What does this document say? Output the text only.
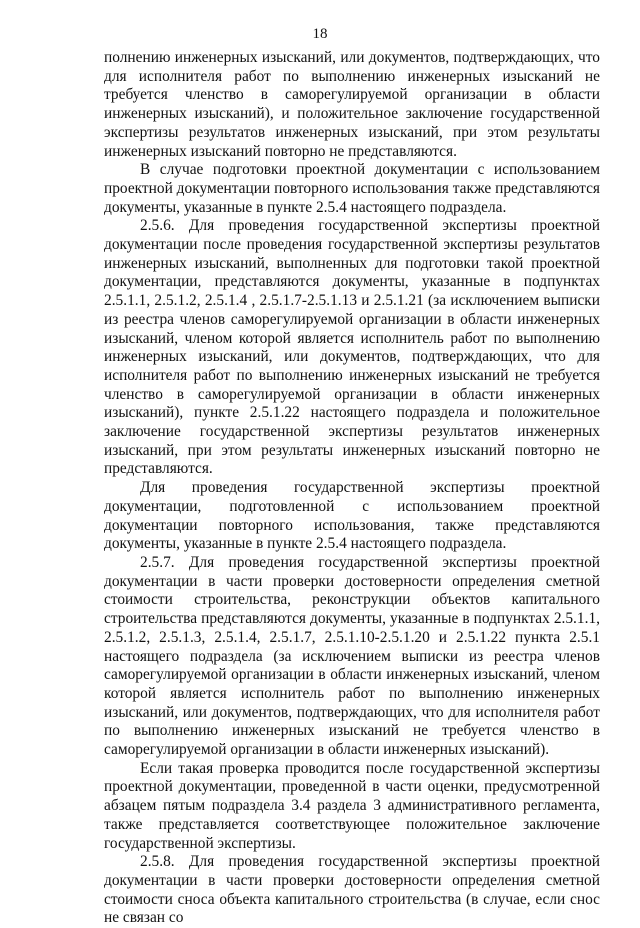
18

полнению инженерных изысканий, или документов, подтверждающих, что для исполнителя работ по выполнению инженерных изысканий не требуется членство в саморегулируемой организации в области инженерных изысканий), и положительное заключение государственной экспертизы результатов инженерных изысканий, при этом результаты инженерных изысканий повторно не представляются.

В случае подготовки проектной документации с использованием проектной документации повторного использования также представляются документы, указанные в пункте 2.5.4 настоящего подраздела.

2.5.6. Для проведения государственной экспертизы проектной документации после проведения государственной экспертизы результатов инженерных изысканий, выполненных для подготовки такой проектной документации, представляются документы, указанные в подпунктах 2.5.1.1, 2.5.1.2, 2.5.1.4 , 2.5.1.7-2.5.1.13 и 2.5.1.21 (за исключением выписки из реестра членов саморегулируемой организации в области инженерных изысканий, членом которой является исполнитель работ по выполнению инженерных изысканий, или документов, подтверждающих, что для исполнителя работ по выполнению инженерных изысканий не требуется членство в саморегулируемой организации в области инженерных изысканий), пункте 2.5.1.22 настоящего подраздела и положительное заключение государственной экспертизы результатов инженерных изысканий, при этом результаты инженерных изысканий повторно не представляются.

Для проведения государственной экспертизы проектной документации, подготовленной с использованием проектной документации повторного использования, также представляются документы, указанные в пункте 2.5.4 настоящего подраздела.

2.5.7. Для проведения государственной экспертизы проектной документации в части проверки достоверности определения сметной стоимости строительства, реконструкции объектов капитального строительства представляются документы, указанные в подпунктах 2.5.1.1, 2.5.1.2, 2.5.1.3, 2.5.1.4, 2.5.1.7, 2.5.1.10-2.5.1.20 и 2.5.1.22 пункта 2.5.1 настоящего подраздела (за исключением выписки из реестра членов саморегулируемой организации в области инженерных изысканий, членом которой является исполнитель работ по выполнению инженерных изысканий, или документов, подтверждающих, что для исполнителя работ по выполнению инженерных изысканий не требуется членство в саморегулируемой организации в области инженерных изысканий).

Если такая проверка проводится после государственной экспертизы проектной документации, проведенной в части оценки, предусмотренной абзацем пятым подраздела 3.4 раздела 3 административного регламента, также представляется соответствующее положительное заключение государственной экспертизы.

2.5.8. Для проведения государственной экспертизы проектной документации в части проверки достоверности определения сметной стоимости сноса объекта капитального строительства (в случае, если снос не связан со
